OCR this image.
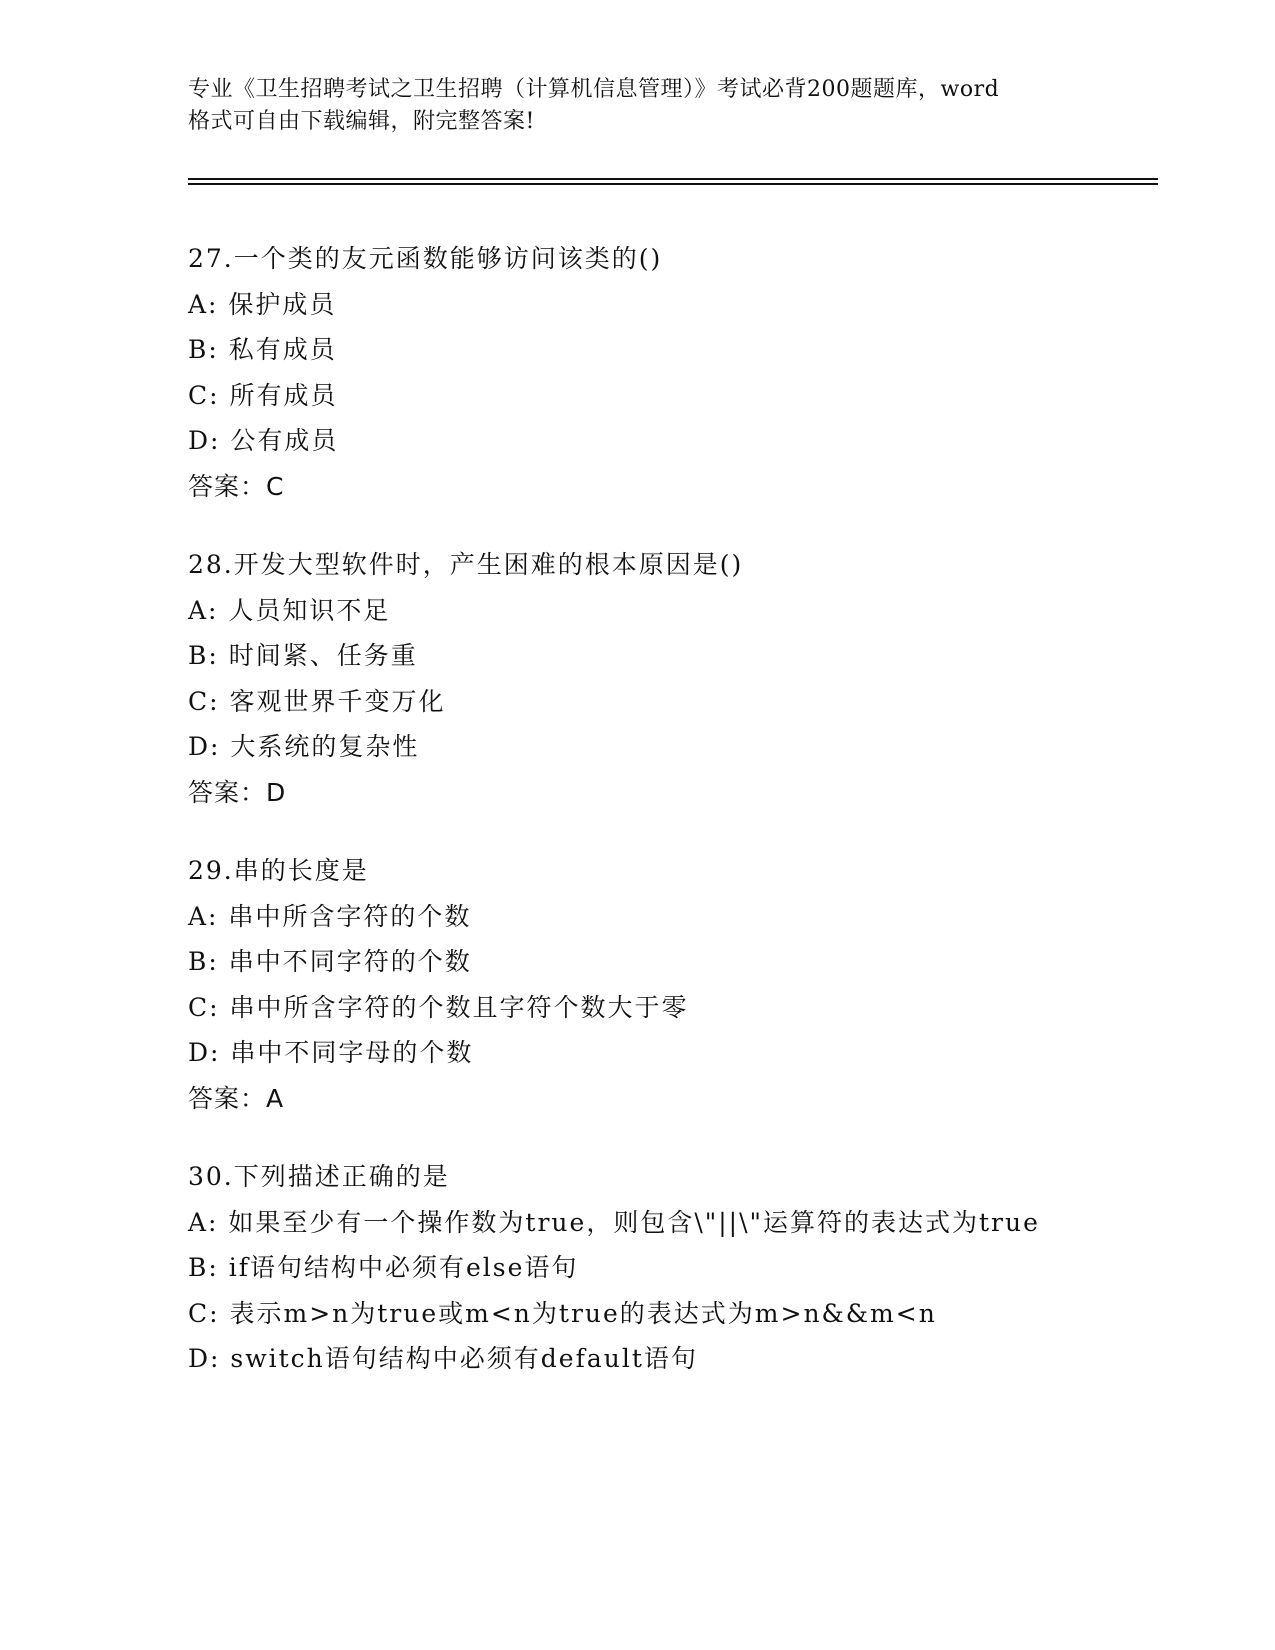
专业《卫生招聘考试之卫生招聘（计算机信息管理）》考试必背200题题库，word
格式可自由下载编辑，附完整答案!
27.一个类的友元函数能够访问该类的()
A: 保护成员
B: 私有成员
C: 所有成员
D: 公有成员
答案：C
28.开发大型软件时，产生困难的根本原因是()
A: 人员知识不足
B: 时间紧、任务重
C: 客观世界千变万化
D: 大系统的复杂性
答案：D
29.串的长度是
A: 串中所含字符的个数
B: 串中不同字符的个数
C: 串中所含字符的个数且字符个数大于零
D: 串中不同字母的个数
答案：A
30.下列描述正确的是
A: 如果至少有一个操作数为true，则包含\"||\"运算符的表达式为true
B: if语句结构中必须有else语句
C: 表示m>n为true或m<n为true的表达式为m>n&&m<n
D: switch语句结构中必须有default语句
